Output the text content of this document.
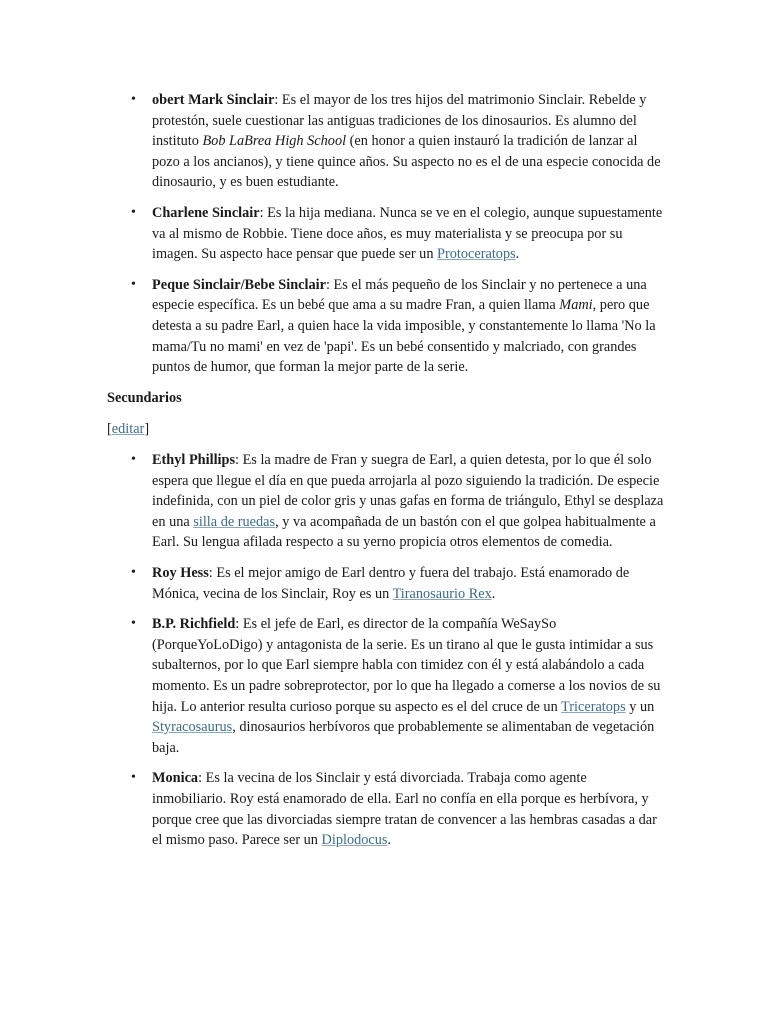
• obert Mark Sinclair: Es el mayor de los tres hijos del matrimonio Sinclair. Rebelde y protestón, suele cuestionar las antiguas tradiciones de los dinosaurios. Es alumno del instituto Bob LaBrea High School (en honor a quien instauró la tradición de lanzar al pozo a los ancianos), y tiene quince años. Su aspecto no es el de una especie conocida de dinosaurio, y es buen estudiante.
• Charlene Sinclair: Es la hija mediana. Nunca se ve en el colegio, aunque supuestamente va al mismo de Robbie. Tiene doce años, es muy materialista y se preocupa por su imagen. Su aspecto hace pensar que puede ser un Protoceratops.
• Peque Sinclair/Bebe Sinclair: Es el más pequeño de los Sinclair y no pertenece a una especie específica. Es un bebé que ama a su madre Fran, a quien llama Mami, pero que detesta a su padre Earl, a quien hace la vida imposible, y constantemente lo llama 'No la mama/Tu no mami' en vez de 'papi'. Es un bebé consentido y malcriado, con grandes puntos de humor, que forman la mejor parte de la serie.
Secundarios
[editar]
• Ethyl Phillips: Es la madre de Fran y suegra de Earl, a quien detesta, por lo que él solo espera que llegue el día en que pueda arrojarla al pozo siguiendo la tradición. De especie indefinida, con un piel de color gris y unas gafas en forma de triángulo, Ethyl se desplaza en una silla de ruedas, y va acompañada de un bastón con el que golpea habitualmente a Earl. Su lengua afilada respecto a su yerno propicia otros elementos de comedia.
• Roy Hess: Es el mejor amigo de Earl dentro y fuera del trabajo. Está enamorado de Mónica, vecina de los Sinclair, Roy es un Tiranosaurio Rex.
• B.P. Richfield: Es el jefe de Earl, es director de la compañía WeSaySo (PorqueYoLoDigo) y antagonista de la serie. Es un tirano al que le gusta intimidar a sus subalternos, por lo que Earl siempre habla con timidez con él y está alabándolo a cada momento. Es un padre sobreprotector, por lo que ha llegado a comerse a los novios de su hija. Lo anterior resulta curioso porque su aspecto es el del cruce de un Triceratops y un Styracosaurus, dinosaurios herbívoros que probablemente se alimentaban de vegetación baja.
• Monica: Es la vecina de los Sinclair y está divorciada. Trabaja como agente inmobiliario. Roy está enamorado de ella. Earl no confía en ella porque es herbívora, y porque cree que las divorciadas siempre tratan de convencer a las hembras casadas a dar el mismo paso. Parece ser un Diplodocus.
